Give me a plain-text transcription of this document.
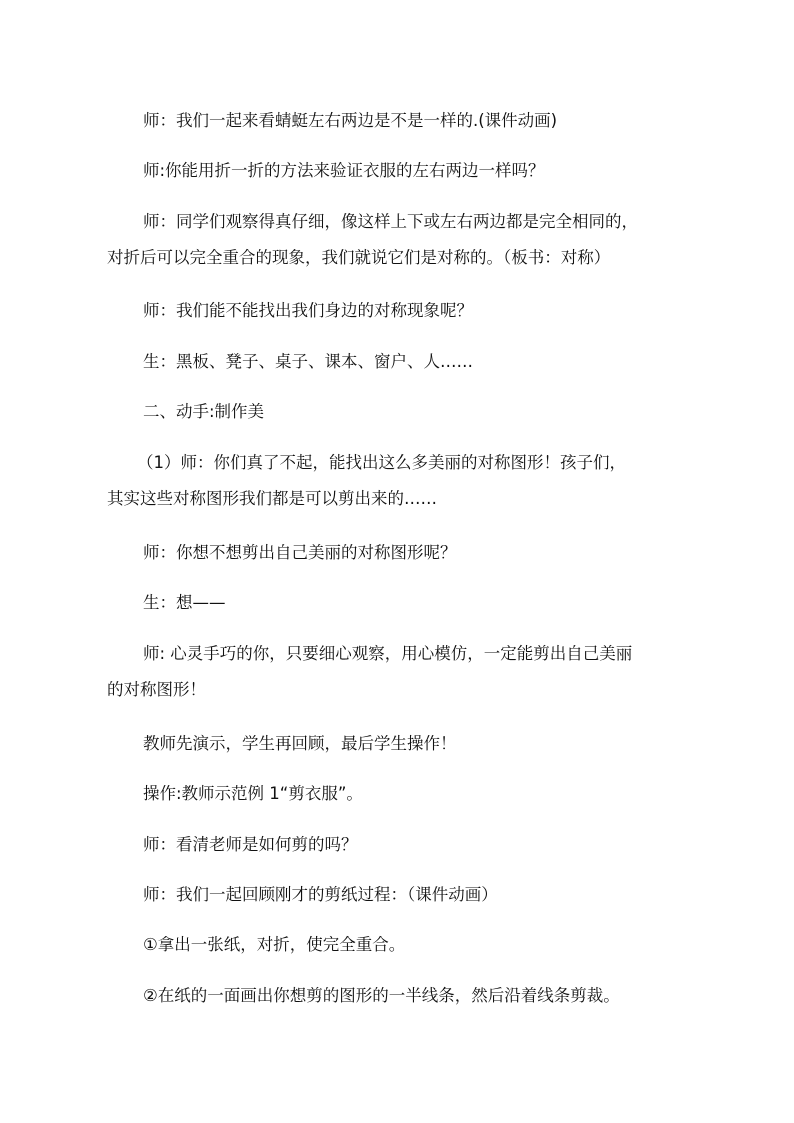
师：我们一起来看蜻蜓左右两边是不是一样的.(课件动画)

师:你能用折一折的方法来验证衣服的左右两边一样吗？

师：同学们观察得真仔细，像这样上下或左右两边都是完全相同的，
对折后可以完全重合的现象，我们就说它们是对称的。（板书：对称）

师：我们能不能找出我们身边的对称现象呢？

生：黑板、凳子、桌子、课本、窗户、人……

二、动手:制作美

（1）师：你们真了不起，能找出这么多美丽的对称图形！孩子们，
其实这些对称图形我们都是可以剪出来的……

师：你想不想剪出自己美丽的对称图形呢？

生：想——

师: 心灵手巧的你，只要细心观察，用心模仿，一定能剪出自己美丽
的对称图形！

教师先演示，学生再回顾，最后学生操作！

操作:教师示范例 1“剪衣服”。

师：看清老师是如何剪的吗？

师：我们一起回顾刚才的剪纸过程：（课件动画）

①拿出一张纸，对折，使完全重合。

②在纸的一面画出你想剪的图形的一半线条，然后沿着线条剪裁。
